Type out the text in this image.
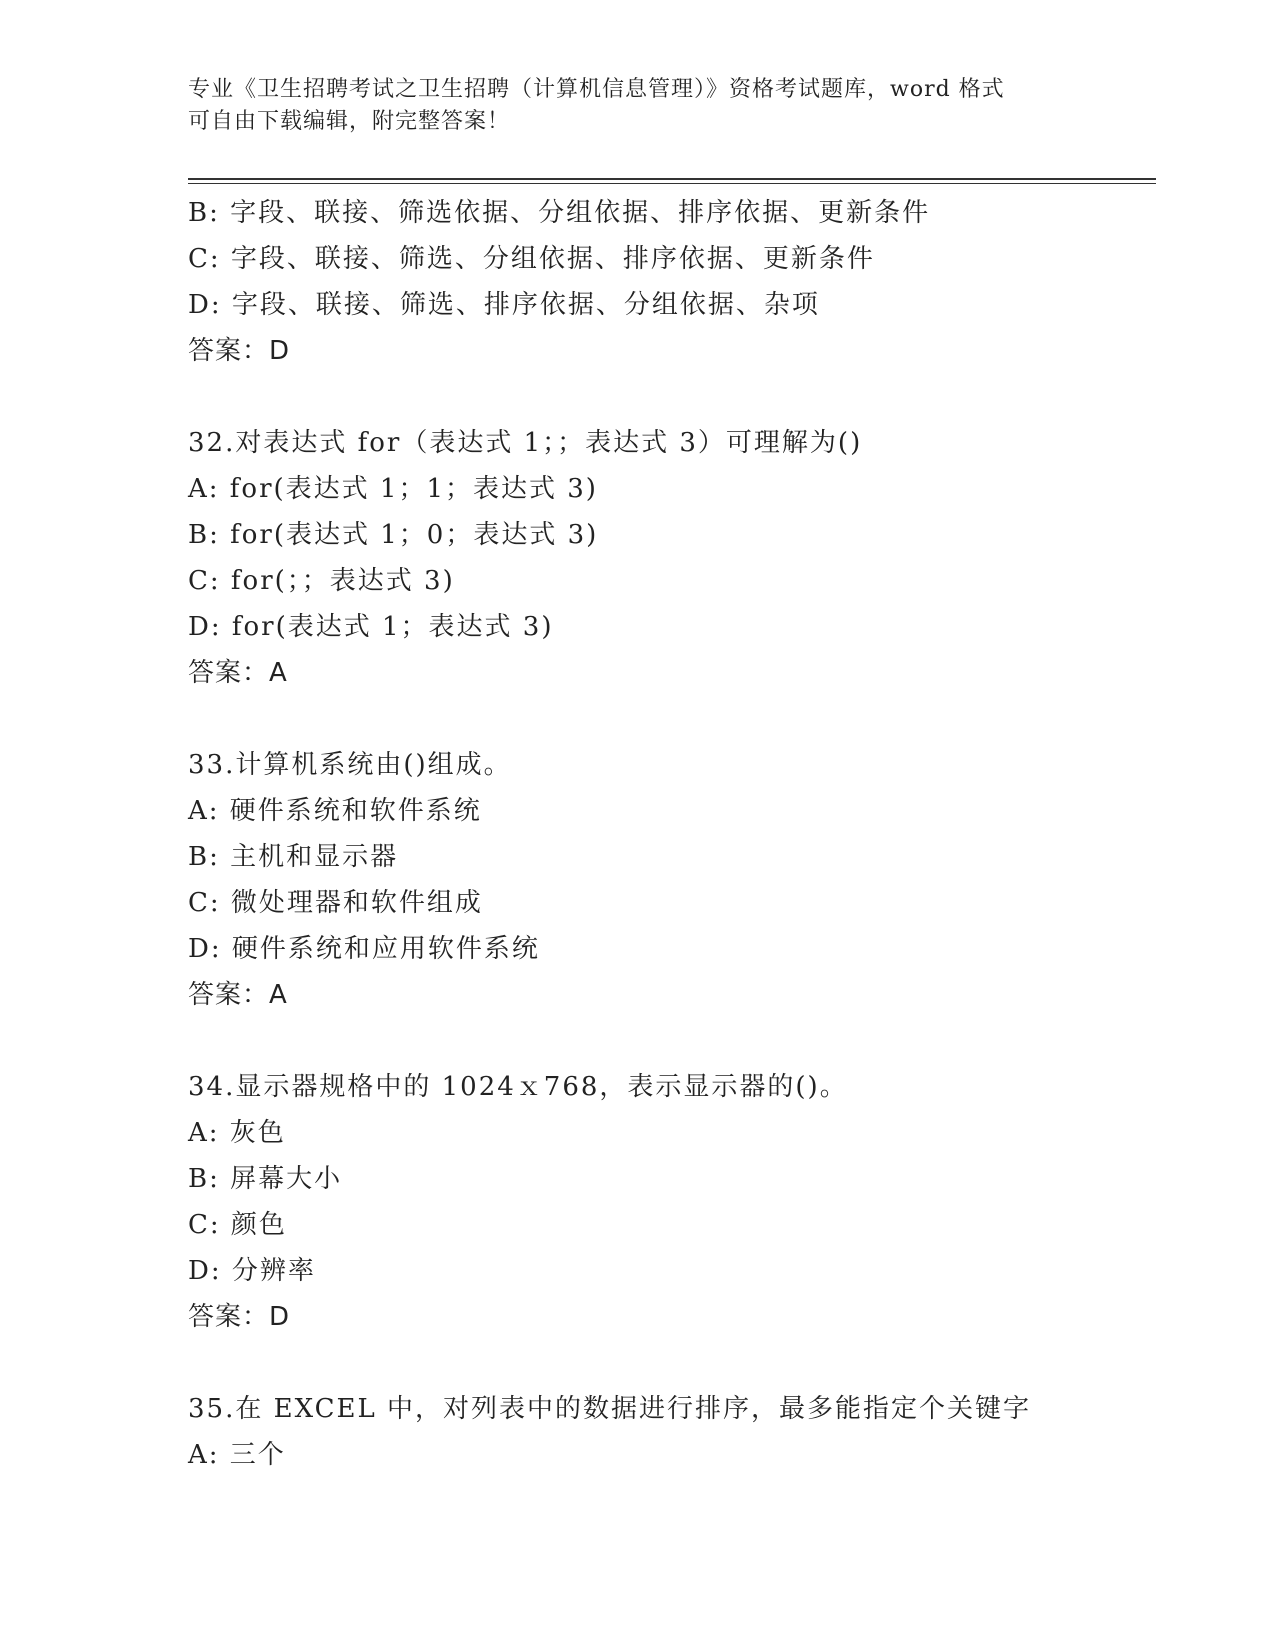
专业《卫生招聘考试之卫生招聘（计算机信息管理）》资格考试题库，word 格式
可自由下载编辑，附完整答案！
B: 字段、联接、筛选依据、分组依据、排序依据、更新条件
C: 字段、联接、筛选、分组依据、排序依据、更新条件
D: 字段、联接、筛选、排序依据、分组依据、杂项
答案：D
32.对表达式 for（表达式 1；；表达式 3）可理解为()
A: for(表达式 1；1；表达式 3)
B: for(表达式 1；0；表达式 3)
C: for(；；表达式 3)
D: for(表达式 1；表达式 3)
答案：A
33.计算机系统由()组成。
A: 硬件系统和软件系统
B: 主机和显示器
C: 微处理器和软件组成
D: 硬件系统和应用软件系统
答案：A
34.显示器规格中的 1024ｘ768，表示显示器的()。
A: 灰色
B: 屏幕大小
C: 颜色
D: 分辨率
答案：D
35.在 EXCEL 中，对列表中的数据进行排序，最多能指定个关键字
A: 三个
